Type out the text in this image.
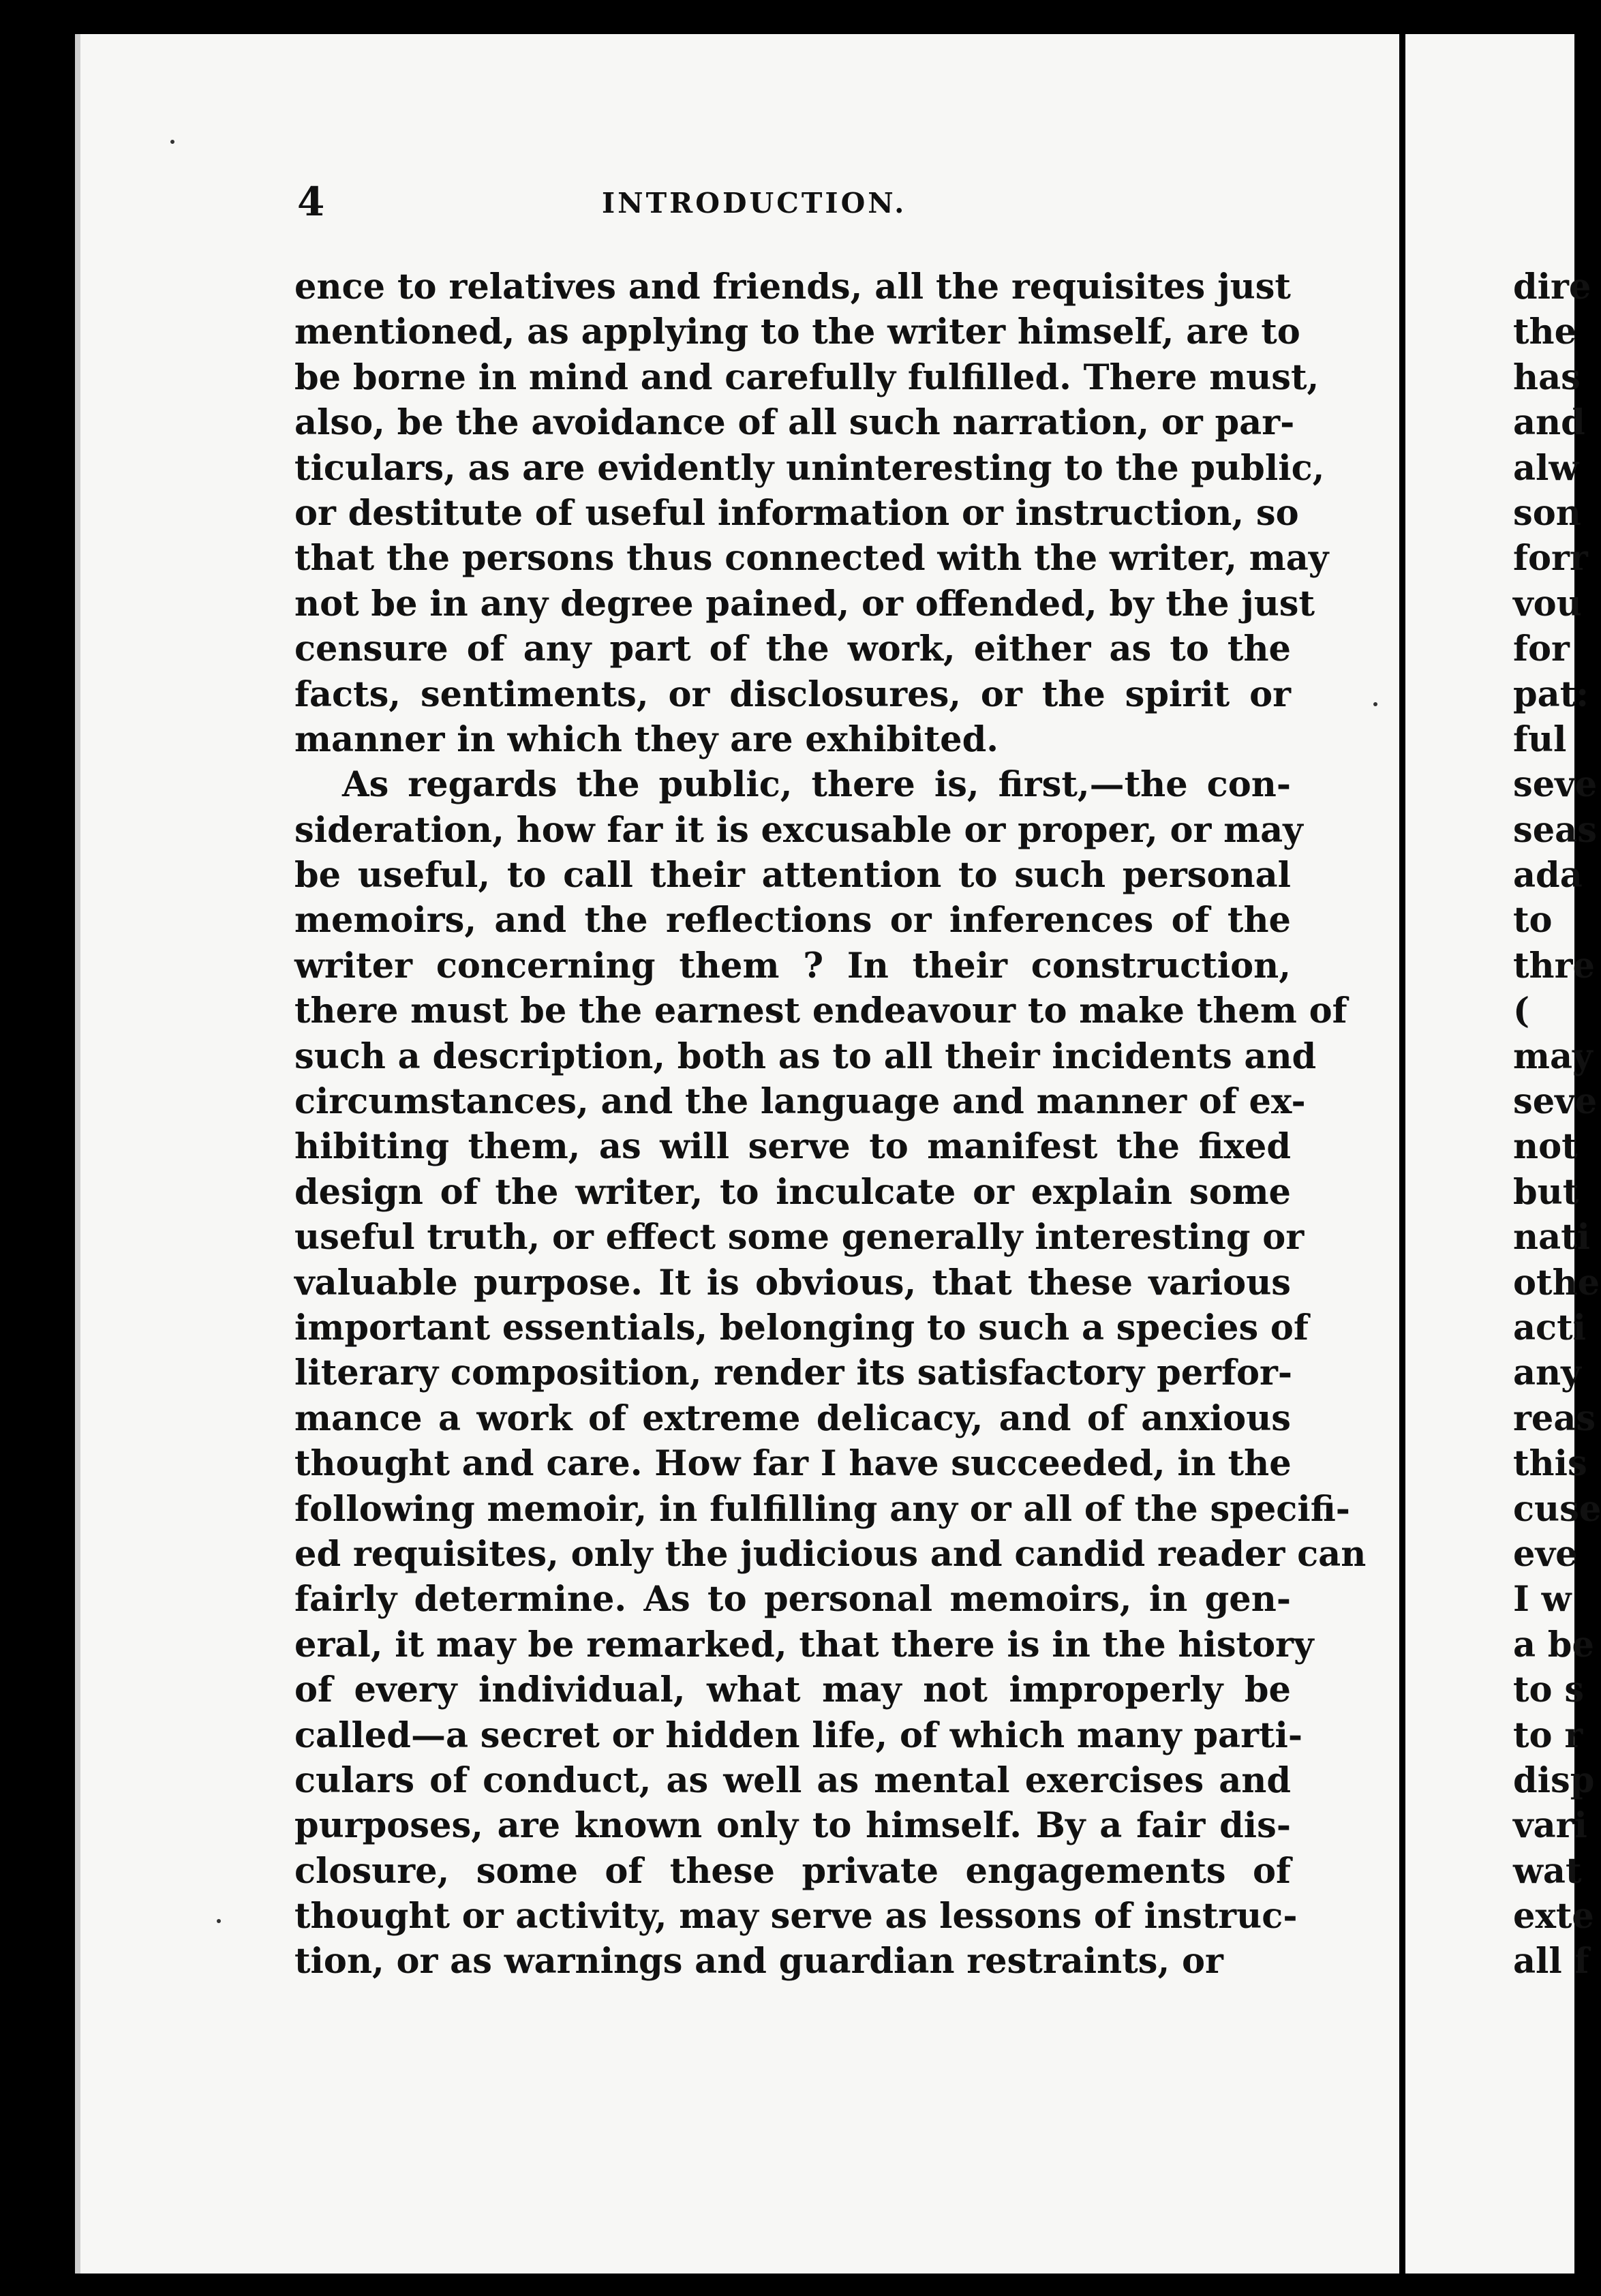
4	INTRODUCTION.
ence to relatives and friends, all the requisites just
mentioned, as applying to the writer himself, are to
be borne in mind and carefully fulfilled. There must,
also, be the avoidance of all such narration, or par-
ticulars, as are evidently uninteresting to the public,
or destitute of useful information or instruction, so
that the persons thus connected with the writer, may
not be in any degree pained, or offended, by the just
censure of any part of the work, either as to the
facts, sentiments, or disclosures, or the spirit or
manner in which they are exhibited.
As regards the public, there is, first,—the con-
sideration, how far it is excusable or proper, or may
be useful, to call their attention to such personal
memoirs, and the reflections or inferences of the
writer concerning them ? In their construction,
there must be the earnest endeavour to make them of
such a description, both as to all their incidents and
circumstances, and the language and manner of ex-
hibiting them, as will serve to manifest the fixed
design of the writer, to inculcate or explain some
useful truth, or effect some generally interesting or
valuable purpose. It is obvious, that these various
important essentials, belonging to such a species of
literary composition, render its satisfactory perfor-
mance a work of extreme delicacy, and of anxious
thought and care. How far I have succeeded, in the
following memoir, in fulfilling any or all of the specifi-
ed requisites, only the judicious and candid reader can
fairly determine. As to personal memoirs, in gen-
eral, it may be remarked, that there is in the history
of every individual, what may not improperly be
called—a secret or hidden life, of which many parti-
culars of conduct, as well as mental exercises and
purposes, are known only to himself. By a fair dis-
closure, some of these private engagements of
thought or activity, may serve as lessons of instruc-
tion, or as warnings and guardian restraints, or
dire
the
has
and
alw
son
forr
vou
for
pat:
ful
seve
seas
ada
to
thre
(
may
seve
not
but
nati
othe
acti
any
reas
this
cuse
eve
I w
a be
to s
to r
disp
vari
wat
exte
all f
